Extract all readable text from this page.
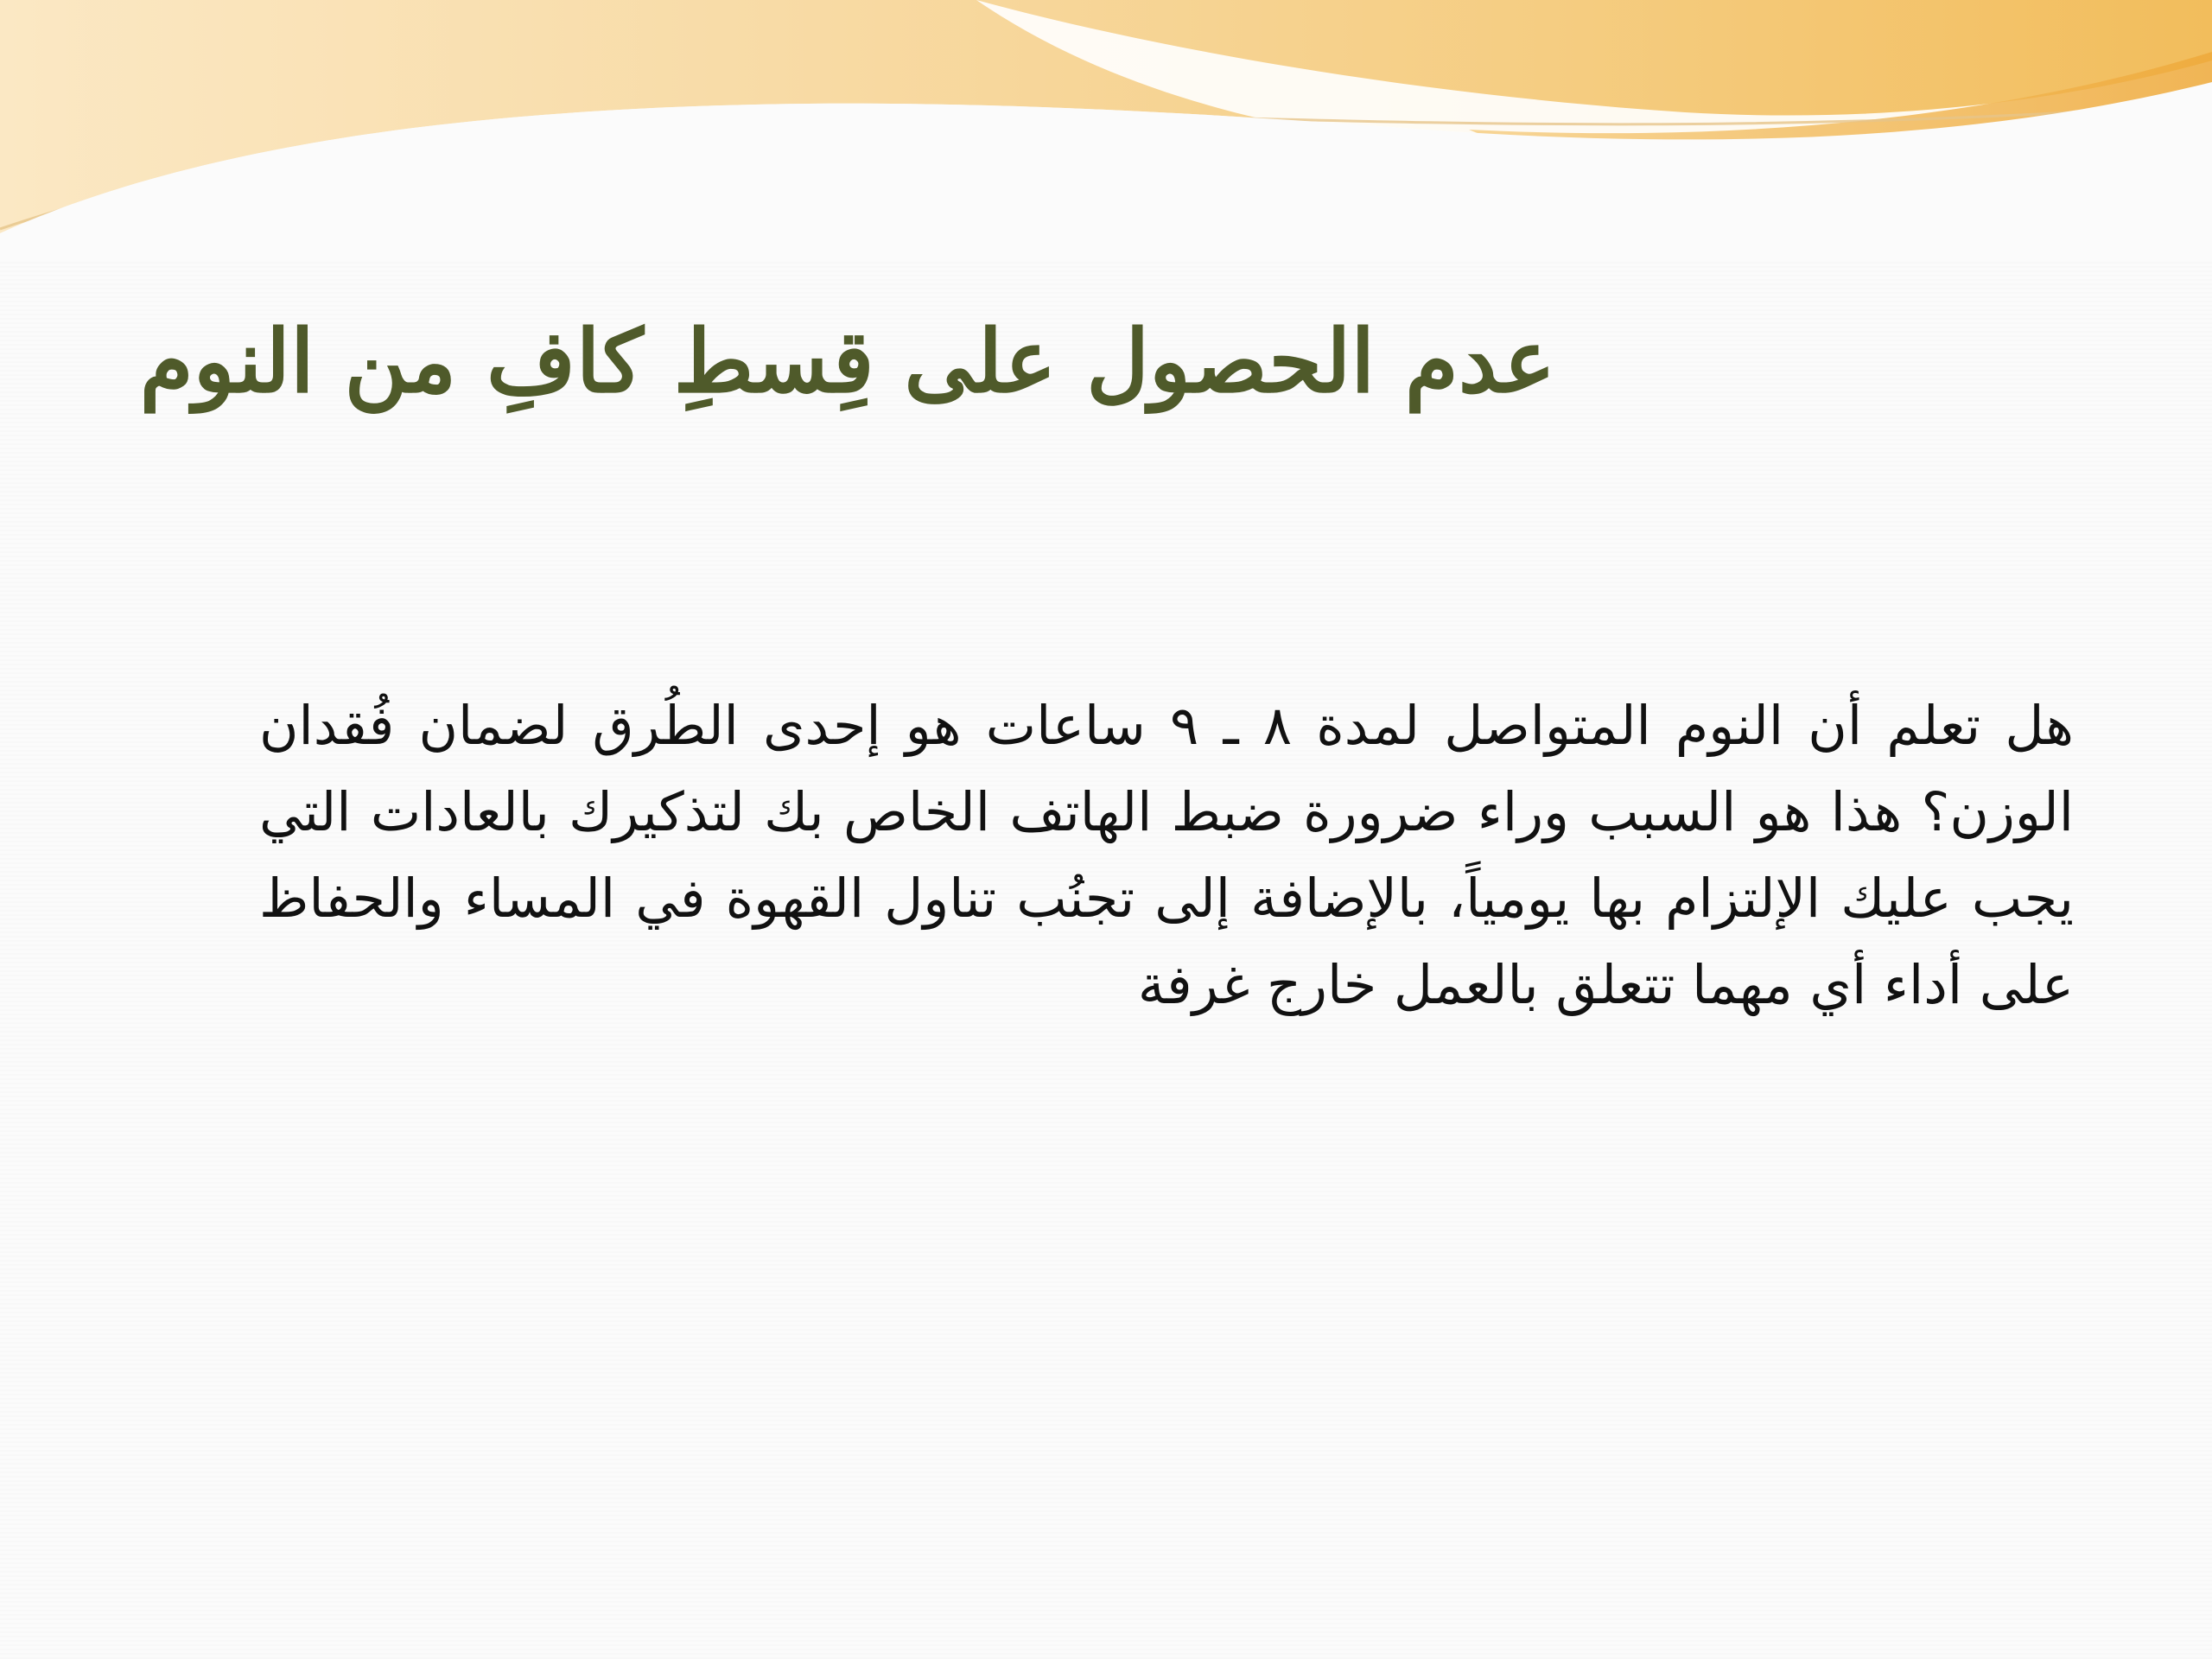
عدم الحصول على قِسطِ كافِ من النوم

هل تعلم أن النوم المتواصل لمدة ٨ ـ ٩ ساعات هو إحدى الطُرق لضمان فُقدان الوزن؟ هذا هو السبب وراء ضرورة ضبط الهاتف الخاص بك لتذكيرك بالعادات التي يجب عليك الإلتزام بها يومياً، بالإضافة إلى تجنُب تناول القهوة في المساء والحفاظ على أداء أي مهما تتعلق بالعمل خارج غرفة
